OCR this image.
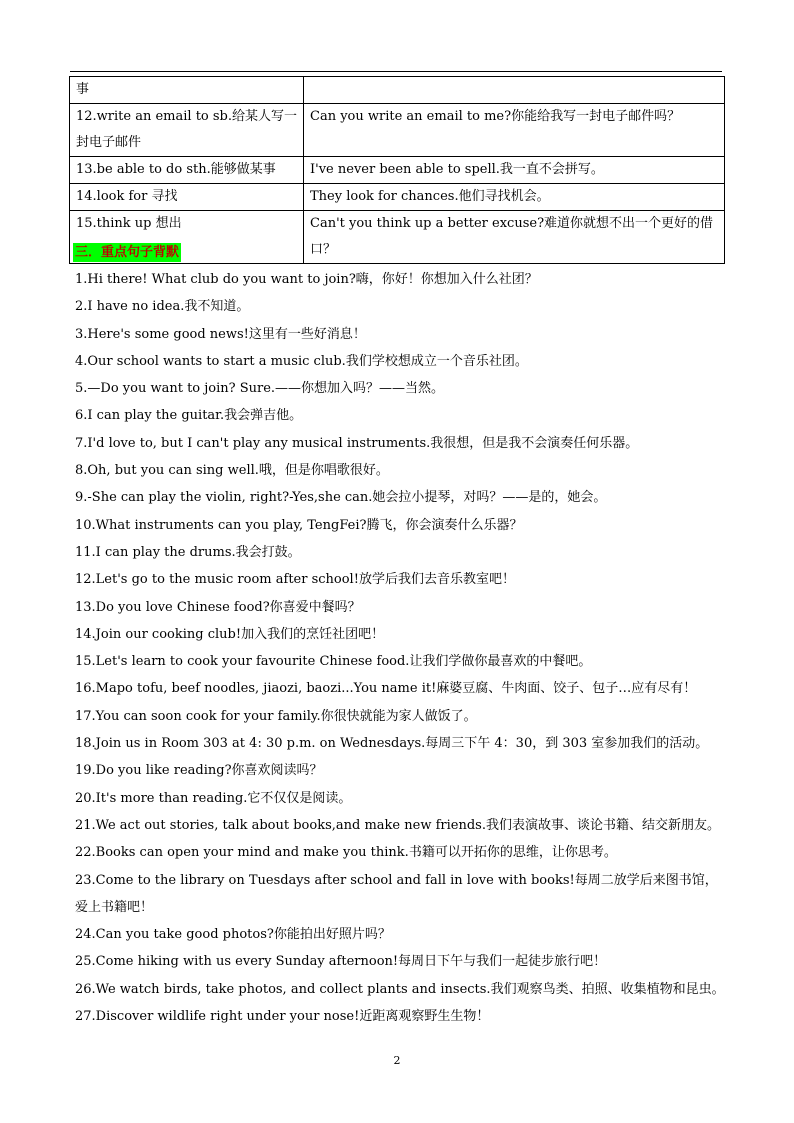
事	
12.write an email to sb.给某人写一封电子邮件	Can you write an email to me?你能给我写一封电子邮件吗？
13.be able to do sth.能够做某事	I've never been able to spell.我一直不会拼写。
14.look for 寻找	They look for chances.他们寻找机会。
15.think up 想出	Can't you think up a better excuse?难道你就想不出一个更好的借口？
三．重点句子背默
1.Hi there! What club do you want to join?嗨，你好！你想加入什么社团？
2.I have no idea.我不知道。
3.Here's some good news!这里有一些好消息！
4.Our school wants to start a music club.我们学校想成立一个音乐社团。
5.—Do you want to join? Sure.——你想加入吗？——当然。
6.I can play the guitar.我会弹吉他。
7.I'd love to, but I can't play any musical instruments.我很想，但是我不会演奏任何乐器。
8.Oh, but you can sing well.哦，但是你唱歌很好。
9.-She can play the violin, right?-Yes,she can.她会拉小提琴，对吗？——是的，她会。
10.What instruments can you play, TengFei?腾飞，你会演奏什么乐器？
11.I can play the drums.我会打鼓。
12.Let's go to the music room after school!放学后我们去音乐教室吧！
13.Do you love Chinese food?你喜爱中餐吗？
14.Join our cooking club!加入我们的烹饪社团吧！
15.Let's learn to cook your favourite Chinese food.让我们学做你最喜欢的中餐吧。
16.Mapo tofu, beef noodles, jiaozi, baozi...You name it!麻婆豆腐、牛肉面、饺子、包子…应有尽有！
17.You can soon cook for your family.你很快就能为家人做饭了。
18.Join us in Room 303 at 4: 30 p.m. on Wednesdays.每周三下午 4：30，到 303 室参加我们的活动。
19.Do you like reading?你喜欢阅读吗？
20.It's more than reading.它不仅仅是阅读。
21.We act out stories, talk about books,and make new friends.我们表演故事、谈论书籍、结交新朋友。
22.Books can open your mind and make you think.书籍可以开拓你的思维，让你思考。
23.Come to the library on Tuesdays after school and fall in love with books!每周二放学后来图书馆，爱上书籍吧！
24.Can you take good photos?你能拍出好照片吗？
25.Come hiking with us every Sunday afternoon!每周日下午与我们一起徒步旅行吧！
26.We watch birds, take photos, and collect plants and insects.我们观察鸟类、拍照、收集植物和昆虫。
27.Discover wildlife right under your nose!近距离观察野生生物！
2
